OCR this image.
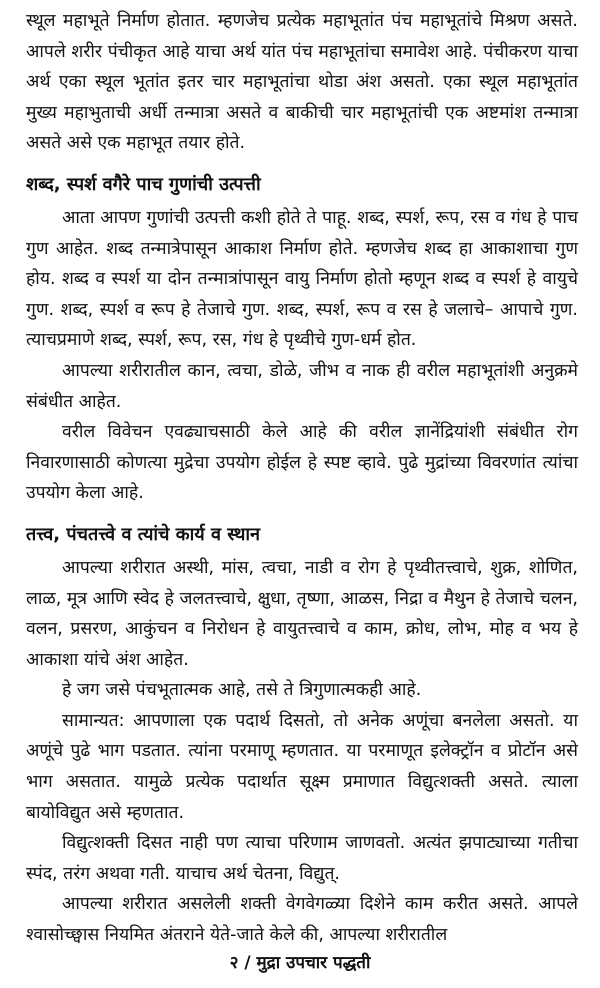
स्थूल महाभूते निर्माण होतात. म्हणजेच प्रत्येक महाभूतांत पंच महाभूतांचे मिश्रण असते. आपले शरीर पंचीकृत आहे याचा अर्थ यांत पंच महाभूतांचा समावेश आहे. पंचीकरण याचा अर्थ एका स्थूल भूतांत इतर चार महाभूतांचा थोडा अंश असतो. एका स्थूल महाभूतांत मुख्य महाभुताची अर्धी तन्मात्रा असते व बाकीची चार महाभूतांची एक अष्टमांश तन्मात्रा असते असे एक महाभूत तयार होते.

शब्द, स्पर्श वगैरे पाच गुणांची उत्पत्ती

आता आपण गुणांची उत्पत्ती कशी होते ते पाहू. शब्द, स्पर्श, रूप, रस व गंध हे पाच गुण आहेत. शब्द तन्मात्रेपासून आकाश निर्माण होते. म्हणजेच शब्द हा आकाशाचा गुण होय. शब्द व स्पर्श या दोन तन्मात्रांपासून वायु निर्माण होतो म्हणून शब्द व स्पर्श हे वायुचे गुण. शब्द, स्पर्श व रूप हे तेजाचे गुण. शब्द, स्पर्श, रूप व रस हे जलाचे– आपाचे गुण. त्याचप्रमाणे शब्द, स्पर्श, रूप, रस, गंध हे पृथ्वीचे गुण-धर्म होत.

आपल्या शरीरातील कान, त्वचा, डोळे, जीभ व नाक ही वरील महाभूतांशी अनुक्रमे संबंधीत आहेत.

वरील विवेचन एवढ्याचसाठी केले आहे की वरील ज्ञानेंद्रियांशी संबंधीत रोग निवारणासाठी कोणत्या मुद्रेचा उपयोग होईल हे स्पष्ट व्हावे. पुढे मुद्रांच्या विवरणांत त्यांचा उपयोग केला आहे.

तत्त्व, पंचतत्त्वे व त्यांचे कार्य व स्थान

आपल्या शरीरात अस्थी, मांस, त्वचा, नाडी व रोग हे पृथ्वीतत्त्वाचे, शुक्र, शोणित, लाळ, मूत्र आणि स्वेद हे जलतत्त्वाचे, क्षुधा, तृष्णा, आळस, निद्रा व मैथुन हे तेजाचे चलन, वलन, प्रसरण, आकुंचन व निरोधन हे वायुतत्त्वाचे व काम, क्रोध, लोभ, मोह व भय हे आकाशा यांचे अंश आहेत.

हे जग जसे पंचभूतात्मक आहे, तसे ते त्रिगुणात्मकही आहे.

सामान्यत: आपणाला एक पदार्थ दिसतो, तो अनेक अणूंचा बनलेला असतो. या अणूंचे पुढे भाग पडतात. त्यांना परमाणू म्हणतात. या परमाणूत इलेक्ट्रॉन व प्रोटॉन असे भाग असतात. यामुळे प्रत्येक पदार्थात सूक्ष्म प्रमाणात विद्युत्शक्ती असते. त्याला बायोविद्युत असे म्हणतात.

विद्युत्शक्ती दिसत नाही पण त्याचा परिणाम जाणवतो. अत्यंत झपाट्याच्या गतीचा स्पंद, तरंग अथवा गती. याचाच अर्थ चेतना, विद्युत्.

आपल्या शरीरात असलेली शक्ती वेगवेगळ्या दिशेने काम करीत असते. आपले श्वासोच्छ्वास नियमित अंतराने येते-जाते केले की, आपल्या शरीरातील

२ / मुद्रा उपचार पद्धती
